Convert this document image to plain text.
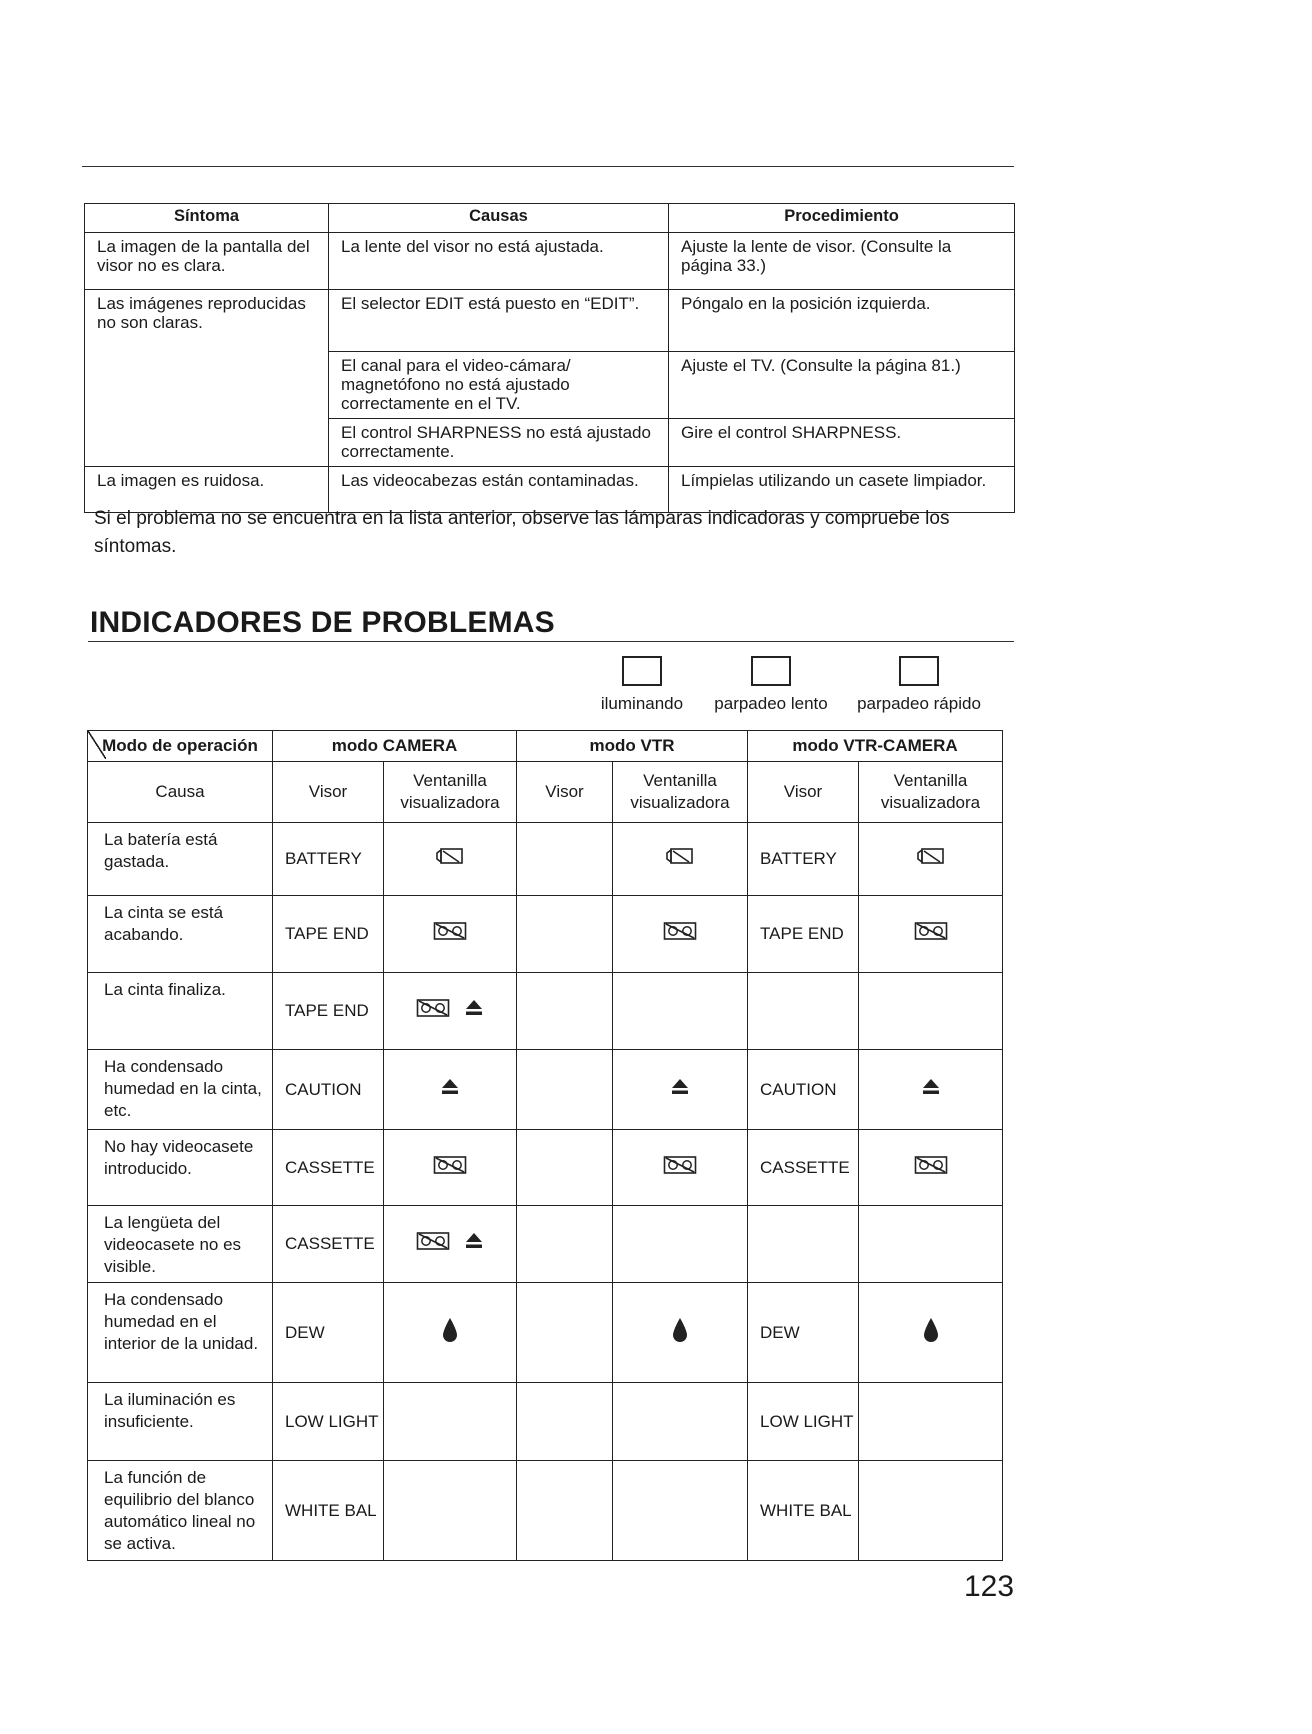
Síntoma	Causas	Procedimiento
La imagen de la pantalla del visor no es clara.	La lente del visor no está ajustada.	Ajuste la lente de visor. (Consulte la página 33.)
Las imágenes reproducidas no son claras.	El selector EDIT está puesto en “EDIT”.	Póngalo en la posición izquierda.
	El canal para el video-cámara/ magnetófono no está ajustado correctamente en el TV.	Ajuste el TV. (Consulte la página 81.)
	El control SHARPNESS no está ajustado correctamente.	Gire el control SHARPNESS.
La imagen es ruidosa.	Las videocabezas están contaminadas.	Límpielas utilizando un casete limpiador.
Si el problema no se encuentra en la lista anterior, observe las lámparas indicadoras y compruebe los síntomas.
INDICADORES DE PROBLEMAS
iluminando	parpadeo lento	parpadeo rápido
Modo de operación	modo CAMERA		modo VTR		modo VTR-CAMERA	
Causa	Visor	Ventanilla visualizadora	Visor	Ventanilla visualizadora	Visor	Ventanilla visualizadora
La batería está gastada.	BATTERY				BATTERY	
La cinta se está acabando.	TAPE END				TAPE END	
La cinta finaliza.	TAPE END					
Ha condensado humedad en la cinta, etc.	CAUTION				CAUTION	
No hay videocasete introducido.	CASSETTE				CASSETTE	
La lengüeta del videocasete no es visible.	CASSETTE					
Ha condensado humedad en el interior de la unidad.	DEW				DEW	
La iluminación es insuficiente.	LOW LIGHT				LOW LIGHT	
La función de equilibrio del blanco automático lineal no se activa.	WHITE BAL				WHITE BAL	
123
